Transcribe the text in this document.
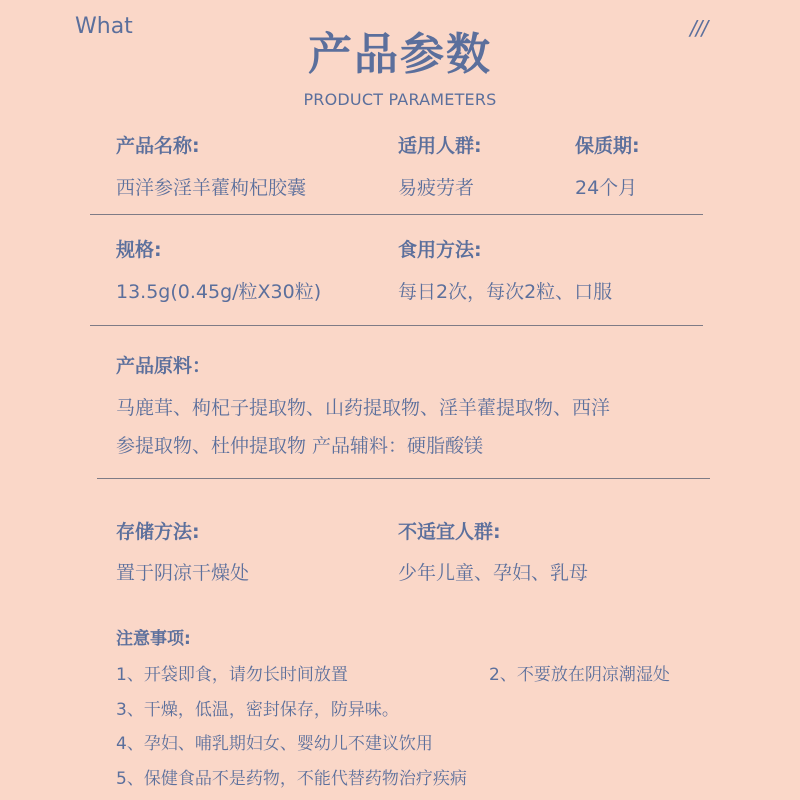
What	///
产品参数
PRODUCT PARAMETERS
产品名称:
西洋参淫羊藿枸杞胶囊
适用人群:
易疲劳者
保质期:
24个月
规格:
13.5g(0.45g/粒X30粒)
食用方法:
每日2次，每次2粒、口服
产品原料：
马鹿茸、枸杞子提取物、山药提取物、淫羊藿提取物、西洋
参提取物、杜仲提取物 产品辅料：硬脂酸镁
存储方法:
置于阴凉干燥处
不适宜人群:
少年儿童、孕妇、乳母
注意事项:
1、开袋即食，请勿长时间放置	2、不要放在阴凉潮湿处
3、干燥，低温，密封保存，防异味。
4、孕妇、哺乳期妇女、婴幼儿不建议饮用
5、保健食品不是药物，不能代替药物治疗疾病
